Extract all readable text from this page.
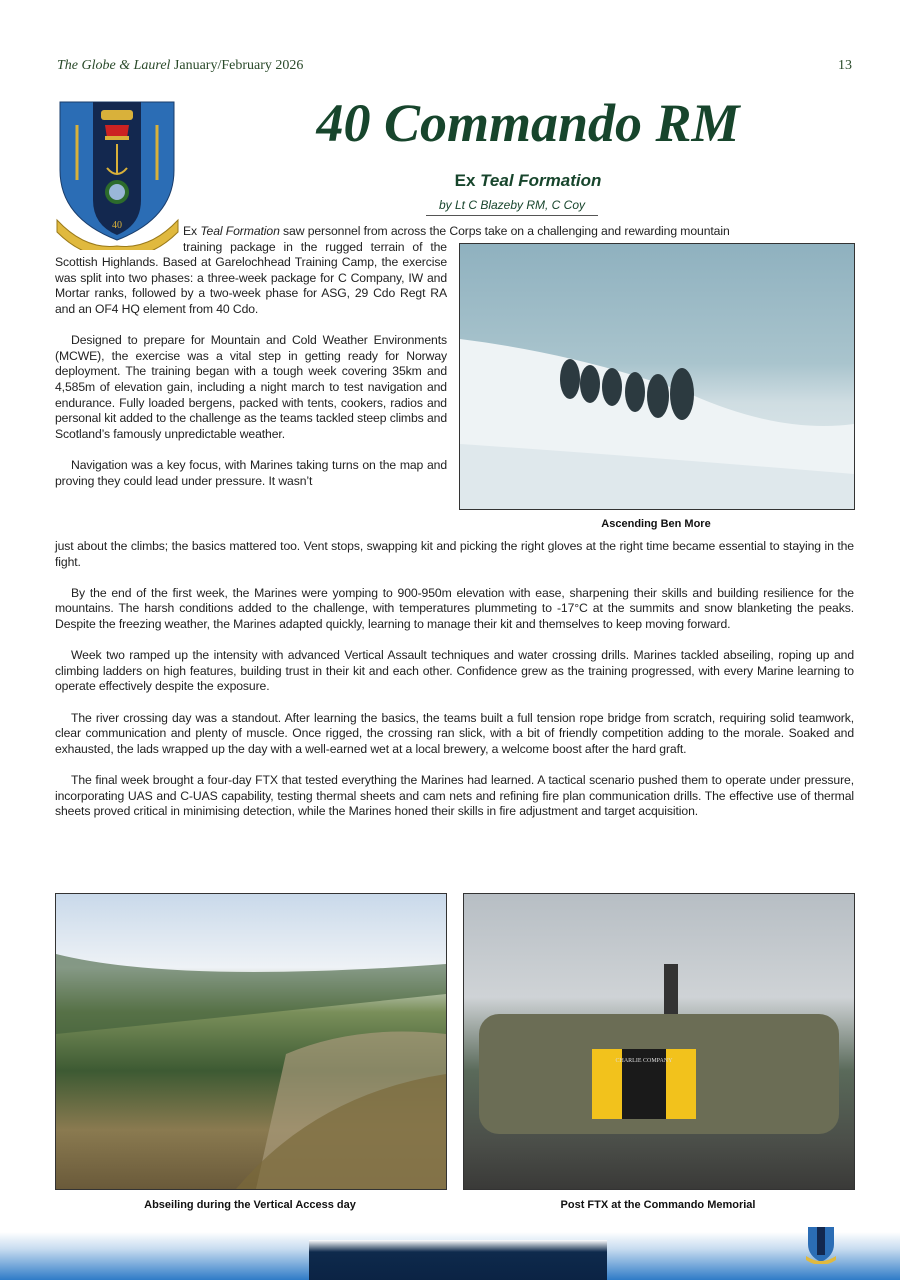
The Globe & Laurel January/February 2026	13
40
40 Commando RM
Ex Teal Formation
by Lt C Blazeby RM, C Coy
Ex Teal Formation saw personnel from across the Corps take on a challenging and rewarding mountain

training package in the rugged terrain of the Scottish Highlands. Based at Garelochhead Training Camp, the exercise was split into two phases: a three-week package for C Company, IW and Mortar ranks, followed by a two-week phase for ASG, 29 Cdo Regt RA and an OF4 HQ element from 40 Cdo.

Designed to prepare for Mountain and Cold Weather Environments (MCWE), the exercise was a vital step in getting ready for Norway deployment. The training began with a tough week covering 35km and 4,585m of elevation gain, including a night march to test navigation and endurance. Fully loaded bergens, packed with tents, cookers, radios and personal kit added to the challenge as the teams tackled steep climbs and Scotland’s famously unpredictable weather.

Navigation was a key focus, with Marines taking turns on the map and proving they could lead under pressure. It wasn’t

Ascending Ben More

just about the climbs; the basics mattered too. Vent stops, swapping kit and picking the right gloves at the right time became essential to staying in the fight.

By the end of the first week, the Marines were yomping to 900-950m elevation with ease, sharpening their skills and building resilience for the mountains. The harsh conditions added to the challenge, with temperatures plummeting to -17°C at the summits and snow blanketing the peaks. Despite the freezing weather, the Marines adapted quickly, learning to manage their kit and themselves to keep moving forward.

Week two ramped up the intensity with advanced Vertical Assault techniques and water crossing drills. Marines tackled abseiling, roping up and climbing ladders on high features, building trust in their kit and each other. Confidence grew as the training progressed, with every Marine learning to operate effectively despite the exposure.

The river crossing day was a standout. After learning the basics, the teams built a full tension rope bridge from scratch, requiring solid teamwork, clear communication and plenty of muscle. Once rigged, the crossing ran slick, with a bit of friendly competition adding to the morale. Soaked and exhausted, the lads wrapped up the day with a well-earned wet at a local brewery, a welcome boost after the hard graft.

The final week brought a four-day FTX that tested everything the Marines had learned. A tactical scenario pushed them to operate under pressure, incorporating UAS and C-UAS capability, testing thermal sheets and cam nets and refining fire plan communication drills. The effective use of thermal sheets proved critical in minimising detection, while the Marines honed their skills in fire adjustment and target acquisition.

CHARLIE COMPANY
Abseiling during the Vertical Access day	Post FTX at the Commando Memorial
